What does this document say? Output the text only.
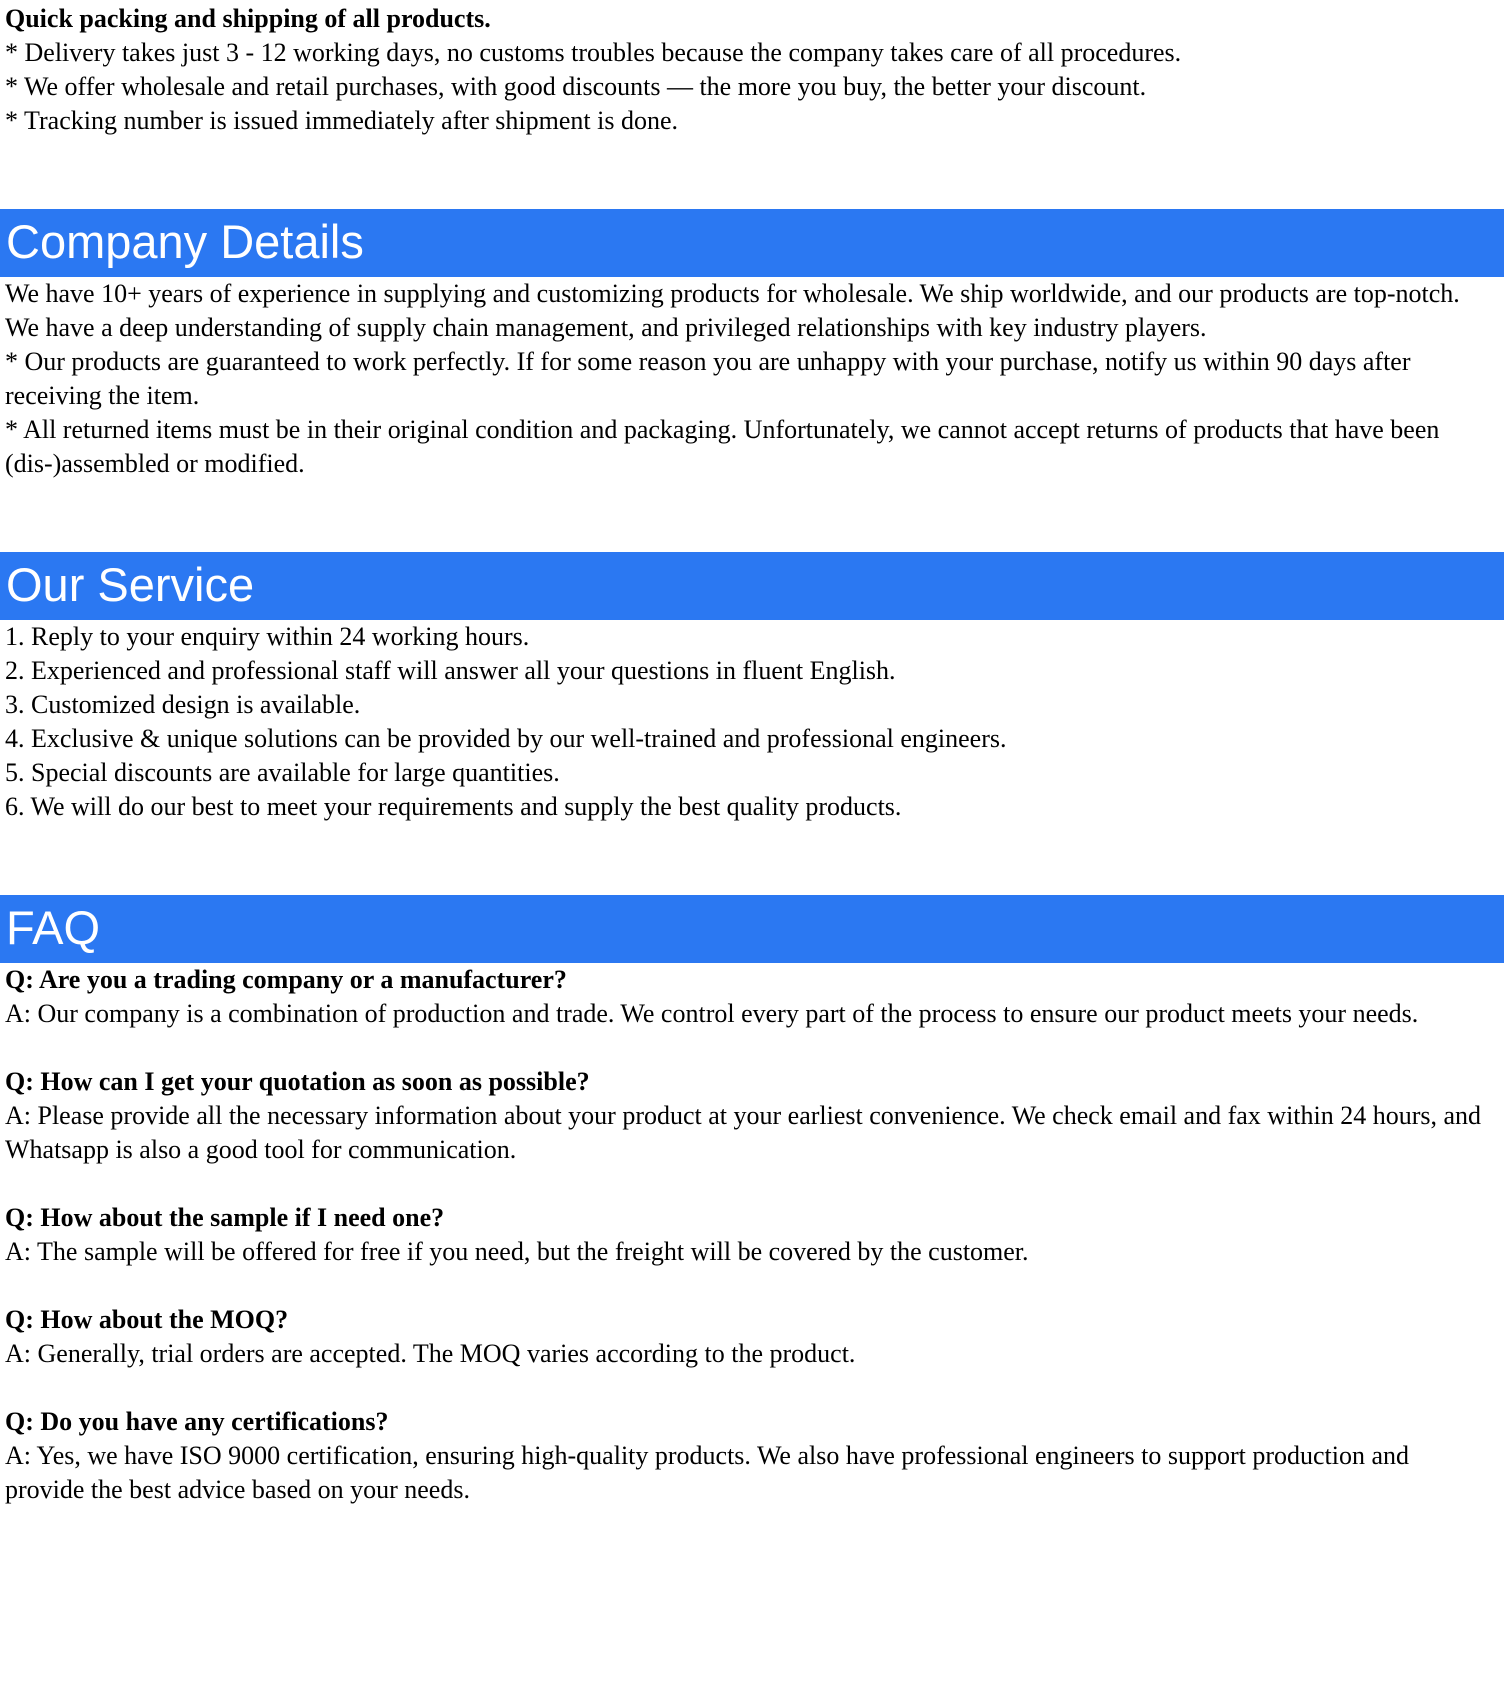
Quick packing and shipping of all products.
* Delivery takes just 3 - 12 working days, no customs troubles because the company takes care of all procedures.
* We offer wholesale and retail purchases, with good discounts — the more you buy, the better your discount.
* Tracking number is issued immediately after shipment is done.
Company Details
We have 10+ years of experience in supplying and customizing products for wholesale. We ship worldwide, and our products are top-notch. We have a deep understanding of supply chain management, and privileged relationships with key industry players.
* Our products are guaranteed to work perfectly. If for some reason you are unhappy with your purchase, notify us within 90 days after receiving the item.
* All returned items must be in their original condition and packaging. Unfortunately, we cannot accept returns of products that have been (dis-)assembled or modified.
Our Service
1. Reply to your enquiry within 24 working hours.
2. Experienced and professional staff will answer all your questions in fluent English.
3. Customized design is available.
4. Exclusive & unique solutions can be provided by our well-trained and professional engineers.
5. Special discounts are available for large quantities.
6. We will do our best to meet your requirements and supply the best quality products.
FAQ
Q: Are you a trading company or a manufacturer?
A: Our company is a combination of production and trade. We control every part of the process to ensure our product meets your needs.
Q: How can I get your quotation as soon as possible?
A: Please provide all the necessary information about your product at your earliest convenience. We check email and fax within 24 hours, and Whatsapp is also a good tool for communication.
Q: How about the sample if I need one?
A: The sample will be offered for free if you need, but the freight will be covered by the customer.
Q: How about the MOQ?
A: Generally, trial orders are accepted. The MOQ varies according to the product.
Q: Do you have any certifications?
A: Yes, we have ISO 9000 certification, ensuring high-quality products. We also have professional engineers to support production and provide the best advice based on your needs.
